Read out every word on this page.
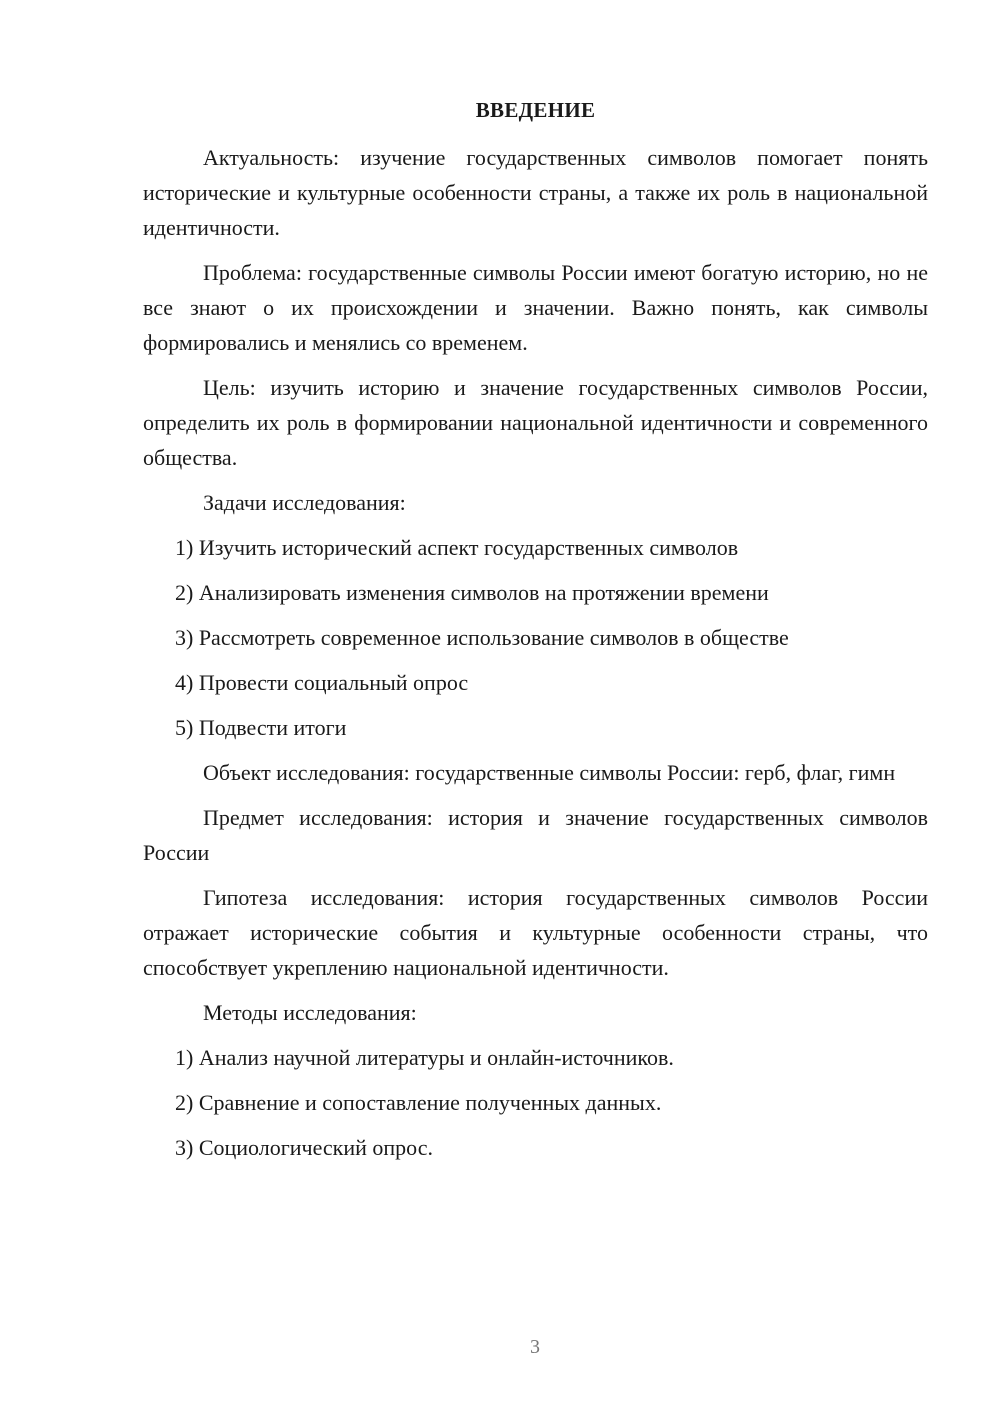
ВВЕДЕНИЕ

Актуальность: изучение государственных символов помогает понять исторические и культурные особенности страны, а также их роль в национальной идентичности.

Проблема: государственные символы России имеют богатую историю, но не все знают о их происхождении и значении. Важно понять, как символы формировались и менялись со временем.

Цель: изучить историю и значение государственных символов России, определить их роль в формировании национальной идентичности и современного общества.

Задачи исследования:

1) Изучить исторический аспект государственных символов
2) Анализировать изменения символов на протяжении времени
3) Рассмотреть современное использование символов в обществе
4) Провести социальный опрос
5) Подвести итоги

Объект исследования: государственные символы России: герб, флаг, гимн

Предмет исследования: история и значение государственных символов России

Гипотеза исследования: история государственных символов России отражает исторические события и культурные особенности страны, что способствует укреплению национальной идентичности.

Методы исследования:

1) Анализ научной литературы и онлайн-источников.
2) Сравнение и сопоставление полученных данных.
3) Социологический опрос.
3
